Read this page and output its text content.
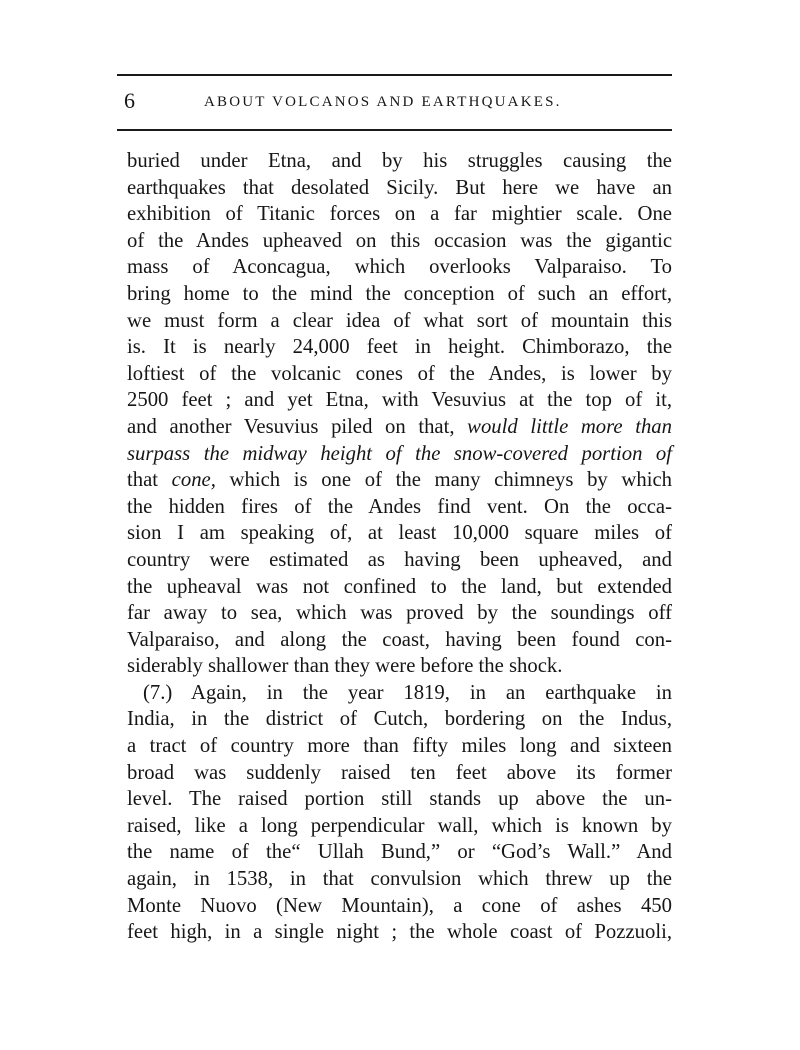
6	ABOUT VOLCANOS AND EARTHQUAKES.
buried under Etna, and by his struggles causing the
earthquakes that desolated Sicily. But here we have an
exhibition of Titanic forces on a far mightier scale. One
of the Andes upheaved on this occasion was the gigantic
mass of Aconcagua, which overlooks Valparaiso. To
bring home to the mind the conception of such an effort,
we must form a clear idea of what sort of mountain this
is. It is nearly 24,000 feet in height. Chimborazo, the
loftiest of the volcanic cones of the Andes, is lower by
2500 feet ; and yet Etna, with Vesuvius at the top of it,
and another Vesuvius piled on that, would little more than
surpass the midway height of the snow-covered portion of
that cone, which is one of the many chimneys by which
the hidden fires of the Andes find vent. On the occa-
sion I am speaking of, at least 10,000 square miles of
country were estimated as having been upheaved, and
the upheaval was not confined to the land, but extended
far away to sea, which was proved by the soundings off
Valparaiso, and along the coast, having been found con-
siderably shallower than they were before the shock.
(7.) Again, in the year 1819, in an earthquake in
India, in the district of Cutch, bordering on the Indus,
a tract of country more than fifty miles long and sixteen
broad was suddenly raised ten feet above its former
level. The raised portion still stands up above the un-
raised, like a long perpendicular wall, which is known by
the name of the“ Ullah Bund,” or “God’s Wall.” And
again, in 1538, in that convulsion which threw up the
Monte Nuovo (New Mountain), a cone of ashes 450
feet high, in a single night ; the whole coast of Pozzuoli,
